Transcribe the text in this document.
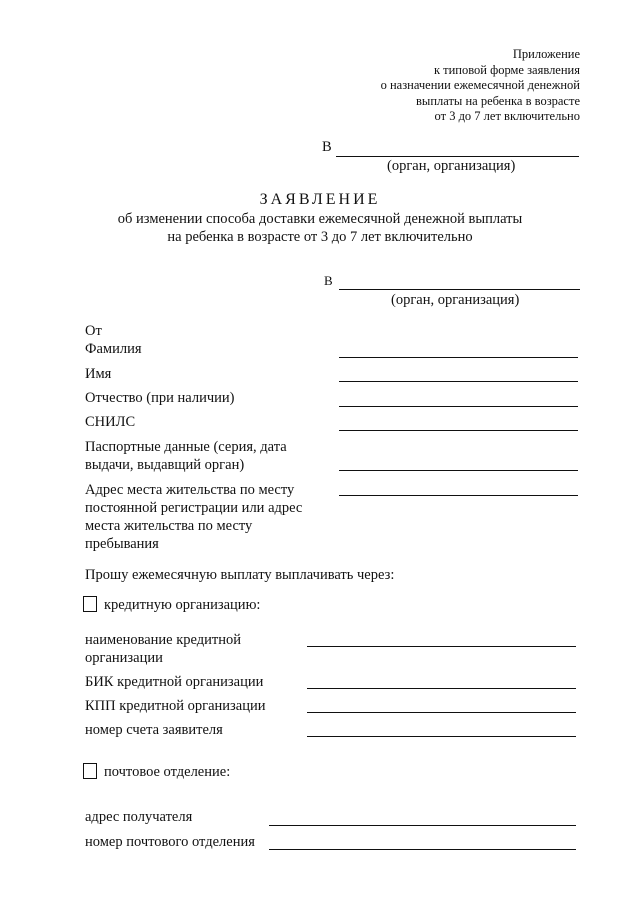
Приложение
к типовой форме заявления
о назначении ежемесячной денежной
выплаты на ребенка в возрасте
от 3 до 7 лет включительно
В
(орган, организация)
ЗАЯВЛЕНИЕ
об изменении способа доставки ежемесячной денежной выплаты
на ребенка в возрасте от 3 до 7 лет включительно
В
(орган, организация)
От
Фамилия
Имя
Отчество (при наличии)
СНИЛС
Паспортные данные (серия, дата
выдачи, выдавщий орган)
Адрес места жительства по месту
постоянной регистрации или адрес
места жительства по месту
пребывания
Прошу ежемесячную выплату выплачивать через:
кредитную организацию:
наименование кредитной
организации
БИК кредитной организации
КПП кредитной организации
номер счета заявителя
почтовое отделение:
адрес получателя
номер почтового отделения
